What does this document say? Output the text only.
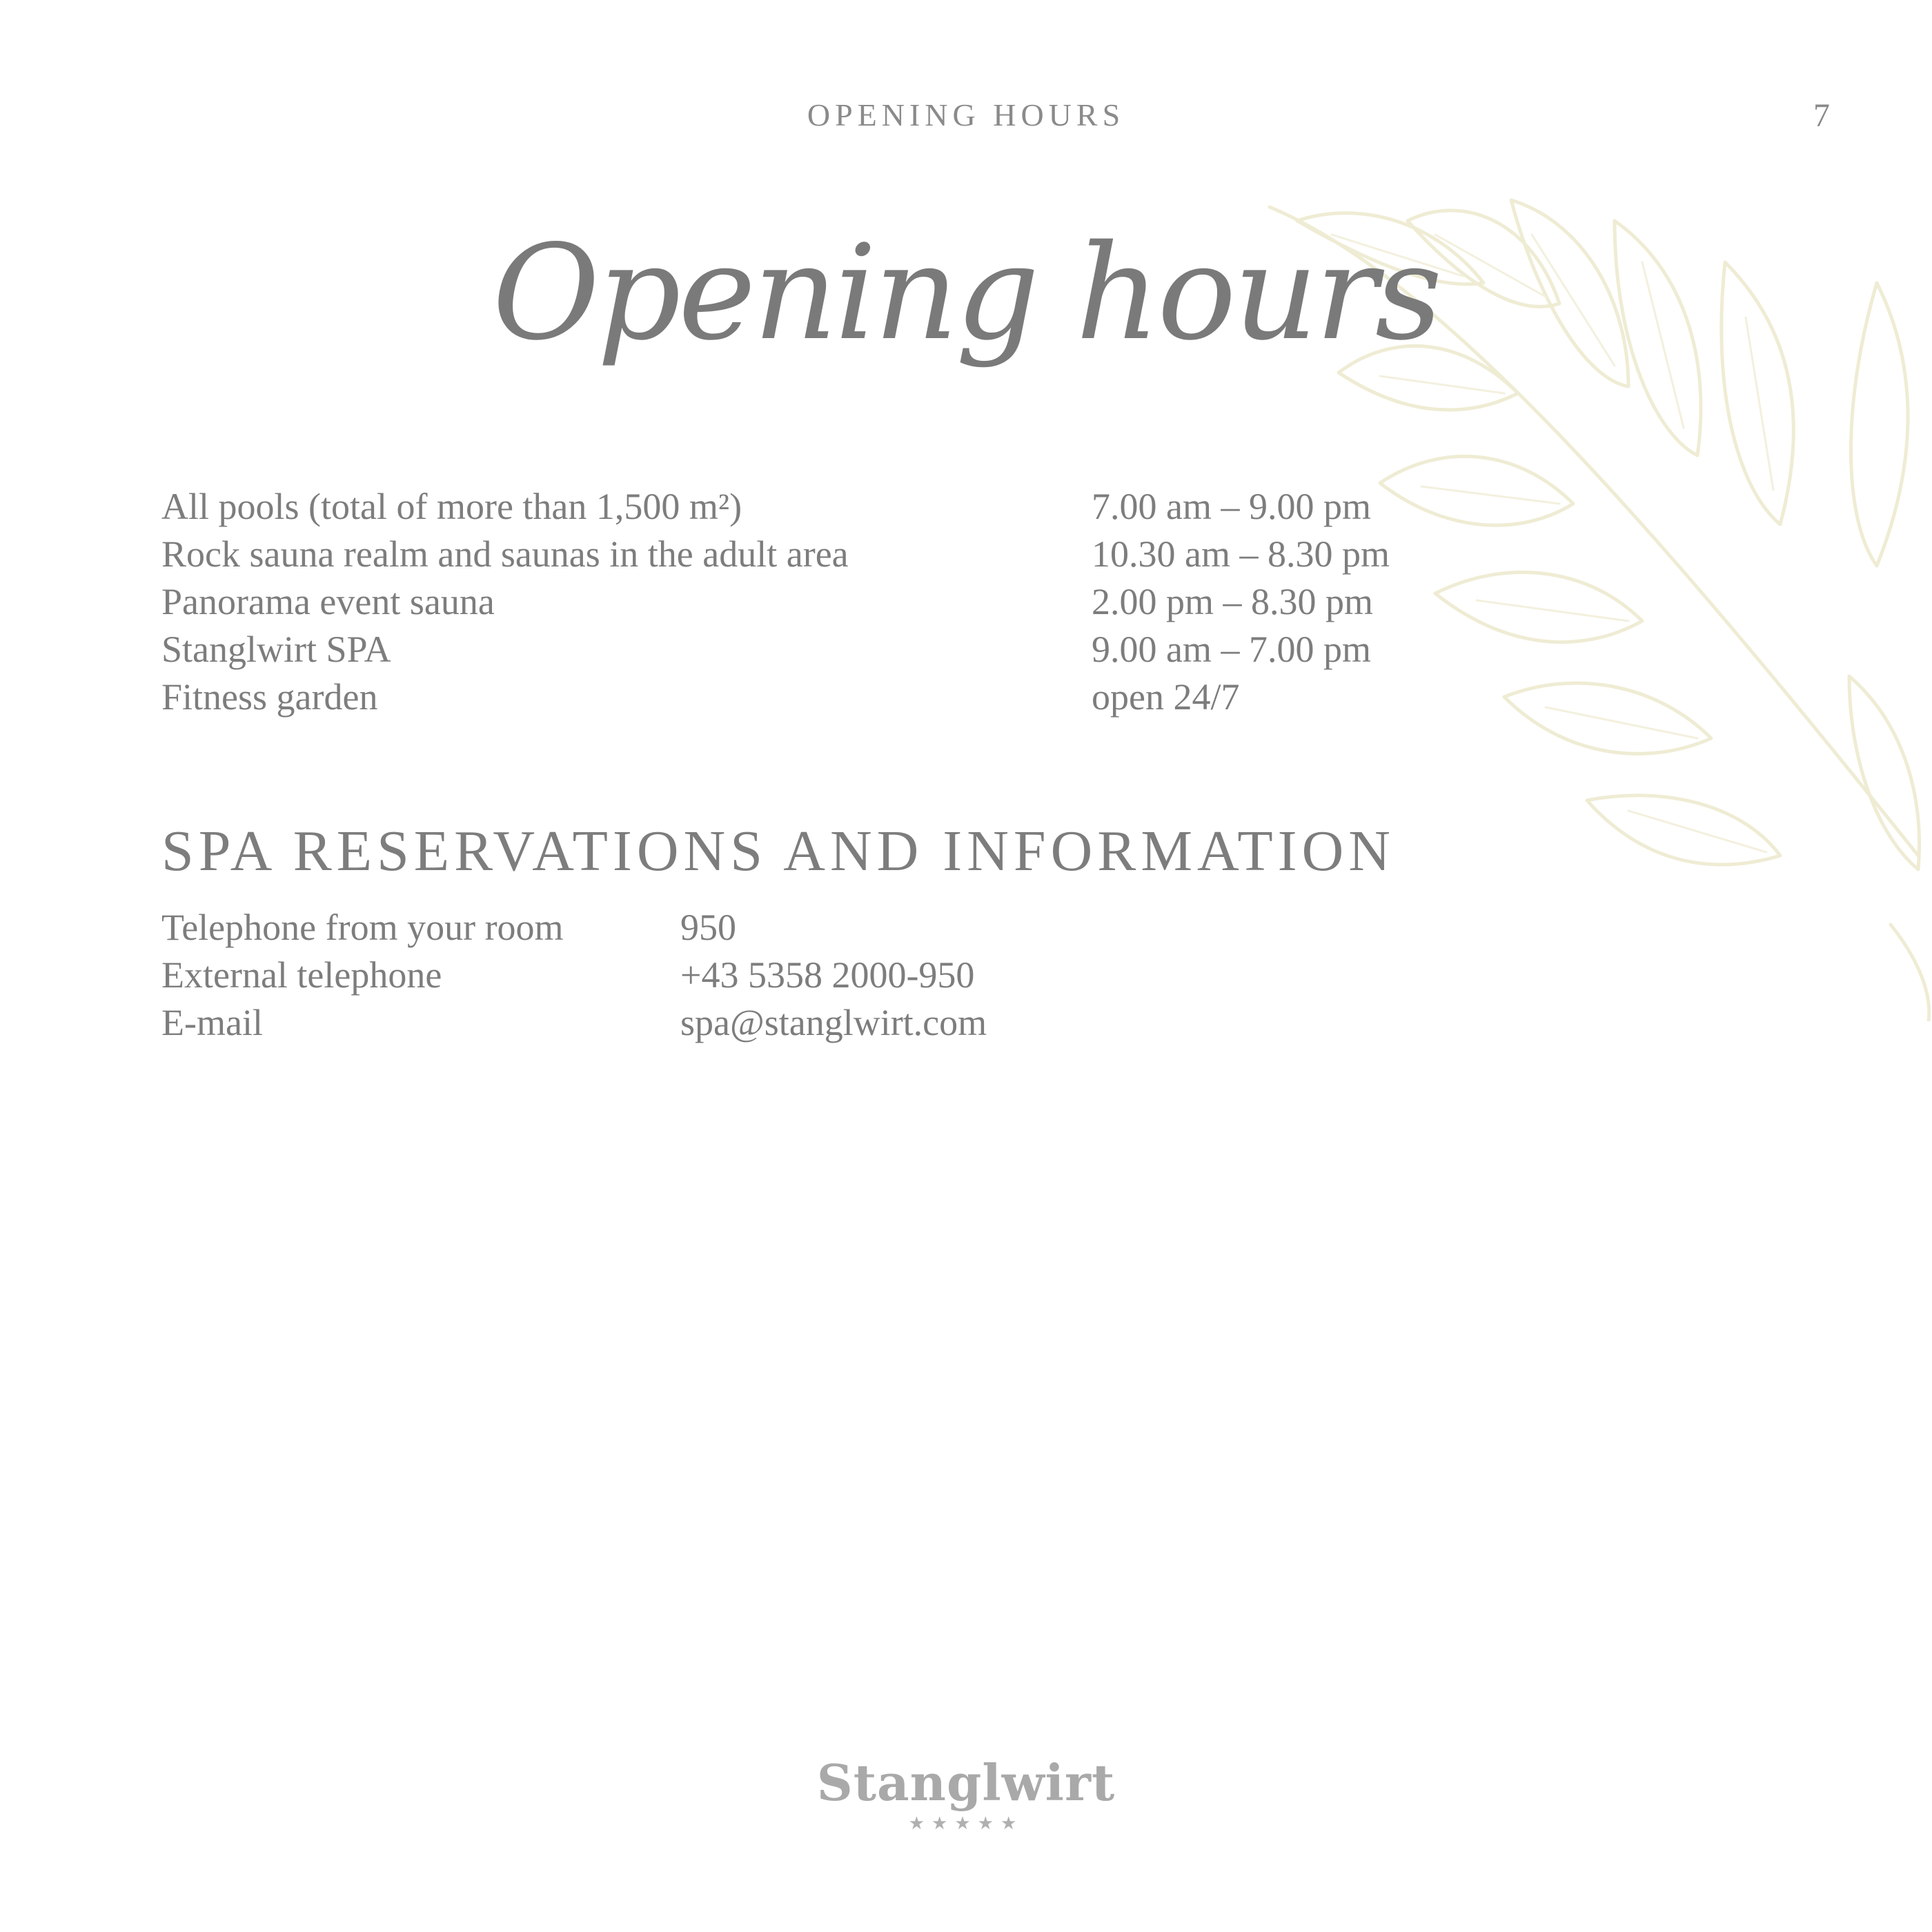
OPENING HOURS	7
Opening hours
All pools (total of more than 1,500 m²)	7.00 am – 9.00 pm
Rock sauna realm and saunas in the adult area	10.30 am – 8.30 pm
Panorama event sauna	2.00 pm – 8.30 pm
Stanglwirt SPA	9.00 am – 7.00 pm
Fitness garden	open 24/7
SPA RESERVATIONS AND INFORMATION
Telephone from your room	950
External telephone	+43 5358 2000-950
E-mail	spa@stanglwirt.com
Stanglwirt
★★★★★
